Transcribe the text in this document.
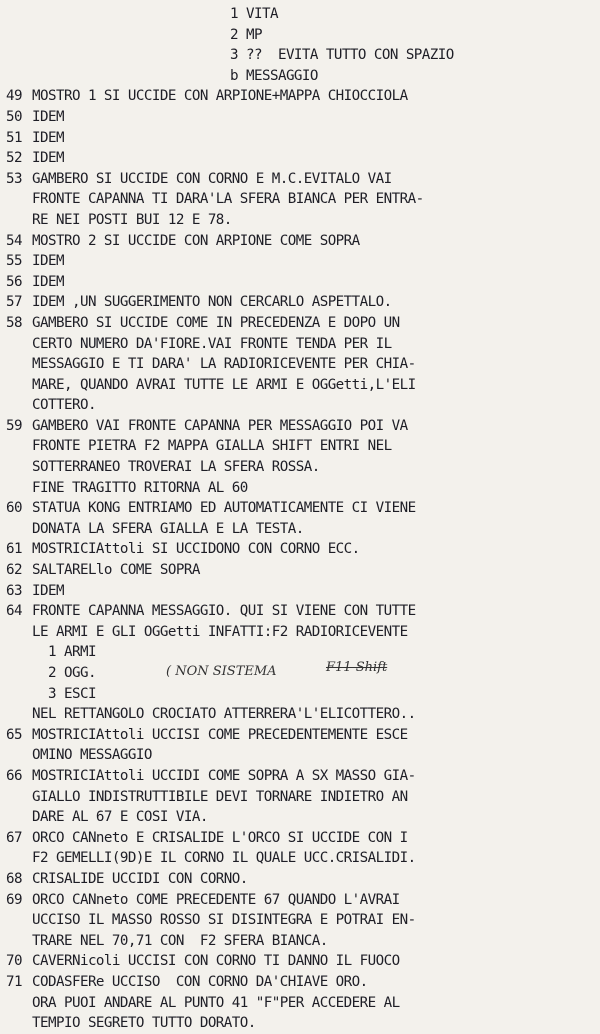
1 VITA
2 MP
3 ??  EVITA TUTTO CON SPAZIO
b MESSAGGIO
49 MOSTRO 1 SI UCCIDE CON ARPIONE+MAPPA CHIOCCIOLA
50 IDEM
51 IDEM
52 IDEM
53 GAMBERO SI UCCIDE CON CORNO E M.C.EVITALO VAI
FRONTE CAPANNA TI DARA'LA SFERA BIANCA PER ENTRA-
RE NEI POSTI BUI 12 E 78.
54 MOSTRO 2 SI UCCIDE CON ARPIONE COME SOPRA
55 IDEM
56 IDEM
57 IDEM ,UN SUGGERIMENTO NON CERCARLO ASPETTALO.
58 GAMBERO SI UCCIDE COME IN PRECEDENZA E DOPO UN
CERTO NUMERO DA'FIORE.VAI FRONTE TENDA PER IL
MESSAGGIO E TI DARA' LA RADIORICEVENTE PER CHIA-
MARE, QUANDO AVRAI TUTTE LE ARMI E OGGetti,L'ELI
COTTERO.
59 GAMBERO VAI FRONTE CAPANNA PER MESSAGGIO POI VA
FRONTE PIETRA F2 MAPPA GIALLA SHIFT ENTRI NEL
SOTTERRANEO TROVERAI LA SFERA ROSSA.
FINE TRAGITTO RITORNA AL 60
60 STATUA KONG ENTRIAMO ED AUTOMATICAMENTE CI VIENE
DONATA LA SFERA GIALLA E LA TESTA.
61 MOSTRICIAttoli SI UCCIDONO CON CORNO ECC.
62 SALTARELlo COME SOPRA
63 IDEM
64 FRONTE CAPANNA MESSAGGIO. QUI SI VIENE CON TUTTE
LE ARMI E GLI OGGetti INFATTI:F2 RADIORICEVENTE
1 ARMI
2 OGG.
3 ESCI
NEL RETTANGOLO CROCIATO ATTERRERA'L'ELICOTTERO..
65 MOSTRICIAttoli UCCISI COME PRECEDENTEMENTE ESCE
OMINO MESSAGGIO
66 MOSTRICIAttoli UCCIDI COME SOPRA A SX MASSO GIA-
GIALLO INDISTRUTTIBILE DEVI TORNARE INDIETRO AN
DARE AL 67 E COSI VIA.
67 ORCO CANneto E CRISALIDE L'ORCO SI UCCIDE CON I
F2 GEMELLI(9D)E IL CORNO IL QUALE UCC.CRISALIDI.
68 CRISALIDE UCCIDI CON CORNO.
69 ORCO CANneto COME PRECEDENTE 67 QUANDO L'AVRAI
UCCISO IL MASSO ROSSO SI DISINTEGRA E POTRAI EN-
TRARE NEL 70,71 CON  F2 SFERA BIANCA.
70 CAVERNicoli UCCISI CON CORNO TI DANNO IL FUOCO
71 CODASFERe UCCISO  CON CORNO DA'CHIAVE ORO.
ORA PUOI ANDARE AL PUNTO 41 "F"PER ACCEDERE AL
TEMPIO SEGRETO TUTTO DORATO.
( NON SISTEMA	F11 Shift
